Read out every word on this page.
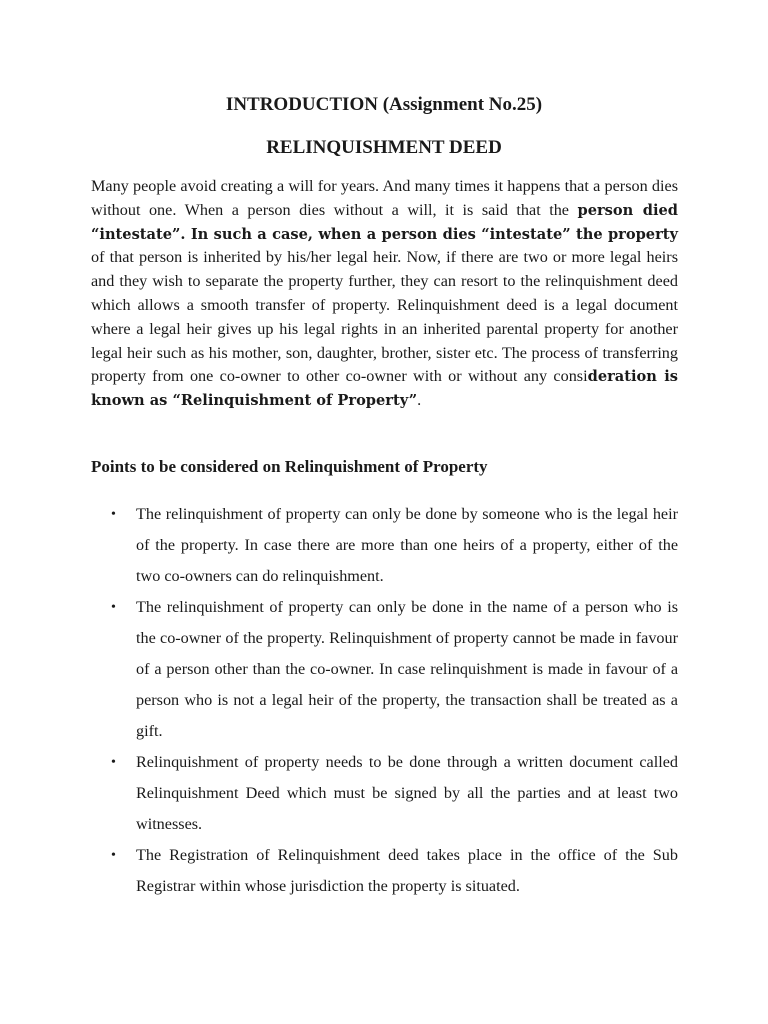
INTRODUCTION (Assignment No.25)
RELINQUISHMENT DEED

Many people avoid creating a will for years. And many times it happens that a person dies without one. When a person dies without a will, it is said that the person died “intestate”. In such a case, when a person dies “intestate” the property of that person is inherited by his/her legal heir. Now, if there are two or more legal heirs and they wish to separate the property further, they can resort to the relinquishment deed which allows a smooth transfer of property. Relinquishment deed is a legal document where a legal heir gives up his legal rights in an inherited parental property for another legal heir such as his mother, son, daughter, brother, sister etc. The process of transferring property from one co-owner to other co-owner with or without any consideration is known as “Relinquishment of Property”.

Points to be considered on Relinquishment of Property
• The relinquishment of property can only be done by someone who is the legal heir of the property. In case there are more than one heirs of a property, either of the two co-owners can do relinquishment.
• The relinquishment of property can only be done in the name of a person who is the co-owner of the property. Relinquishment of property cannot be made in favour of a person other than the co-owner. In case relinquishment is made in favour of a person who is not a legal heir of the property, the transaction shall be treated as a gift.
• Relinquishment of property needs to be done through a written document called Relinquishment Deed which must be signed by all the parties and at least two witnesses.
• The Registration of Relinquishment deed takes place in the office of the Sub Registrar within whose jurisdiction the property is situated.
